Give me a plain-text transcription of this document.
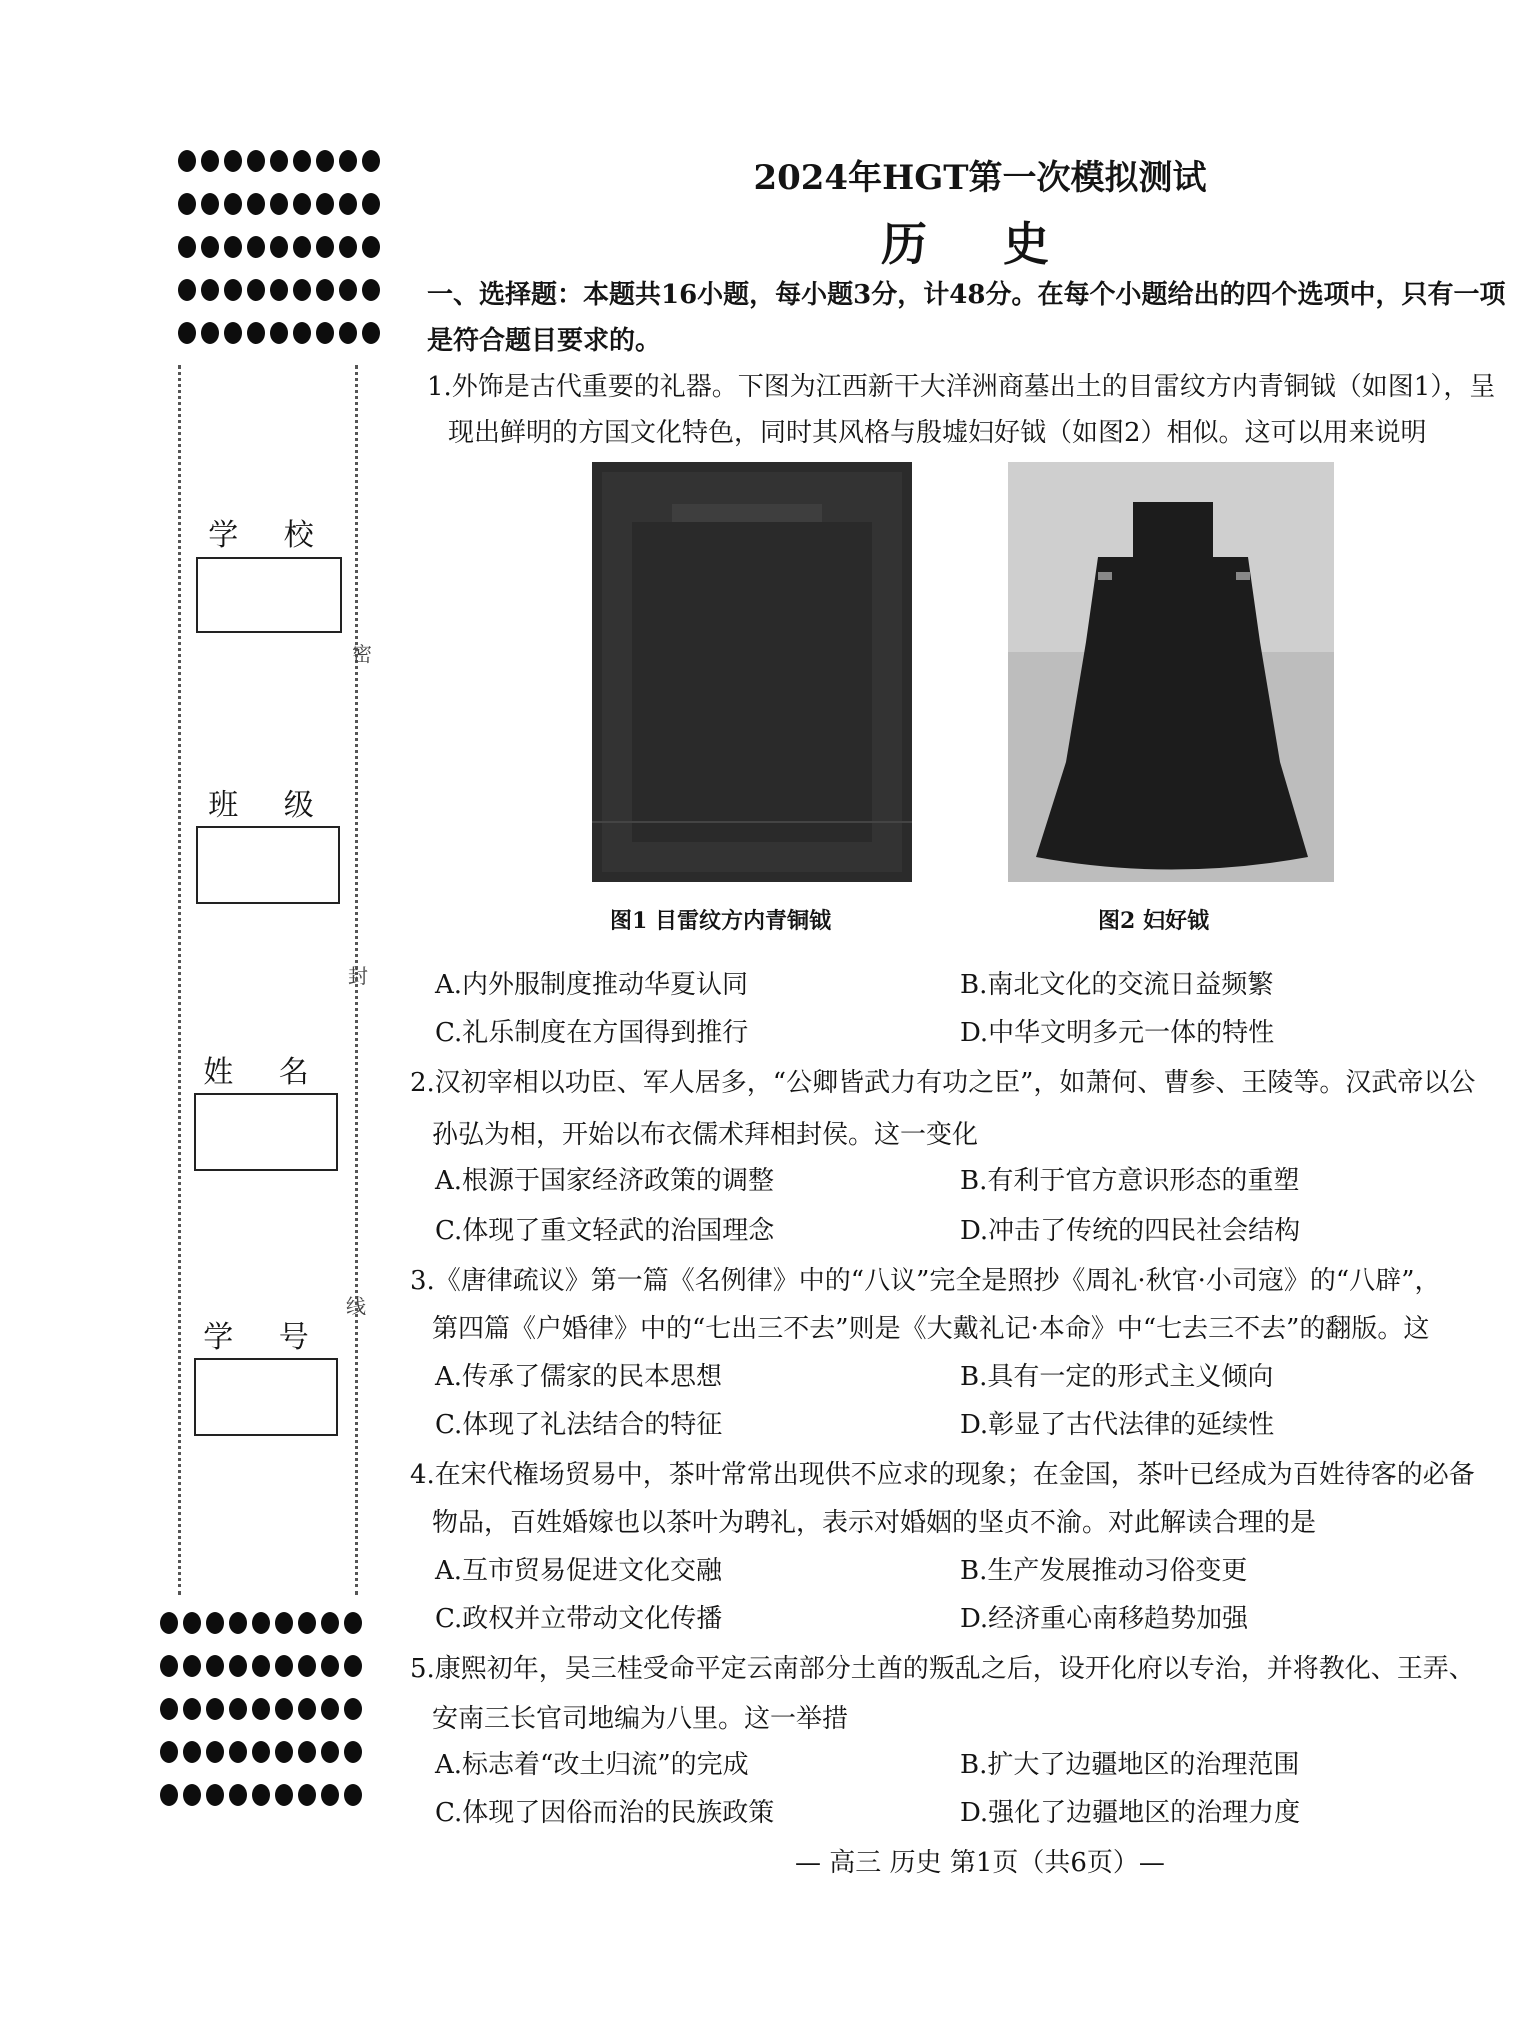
密
封
线
学 校
班 级
姓 名
学 号
2024年HGT第一次模拟测试
历 史
一、选择题：本题共16小题，每小题3分，计48分。在每个小题给出的四个选项中，只有一项
是符合题目要求的。
1.外饰是古代重要的礼器。下图为江西新干大洋洲商墓出土的目雷纹方内青铜钺（如图1），呈
现出鲜明的方国文化特色，同时其风格与殷墟妇好钺（如图2）相似。这可以用来说明
图1 目雷纹方内青铜钺	图2 妇好钺
A.内外服制度推动华夏认同	B.南北文化的交流日益频繁
C.礼乐制度在方国得到推行	D.中华文明多元一体的特性
2.汉初宰相以功臣、军人居多，“公卿皆武力有功之臣”，如萧何、曹参、王陵等。汉武帝以公
孙弘为相，开始以布衣儒术拜相封侯。这一变化
A.根源于国家经济政策的调整	B.有利于官方意识形态的重塑
C.体现了重文轻武的治国理念	D.冲击了传统的四民社会结构
3.《唐律疏议》第一篇《名例律》中的“八议”完全是照抄《周礼·秋官·小司寇》的“八辟”，
第四篇《户婚律》中的“七出三不去”则是《大戴礼记·本命》中“七去三不去”的翻版。这
A.传承了儒家的民本思想	B.具有一定的形式主义倾向
C.体现了礼法结合的特征	D.彰显了古代法律的延续性
4.在宋代権场贸易中，茶叶常常出现供不应求的现象；在金国，茶叶已经成为百姓待客的必备
物品，百姓婚嫁也以茶叶为聘礼，表示对婚姻的坚贞不渝。对此解读合理的是
A.互市贸易促进文化交融	B.生产发展推动习俗变更
C.政权并立带动文化传播	D.经济重心南移趋势加强
5.康熙初年，吴三桂受命平定云南部分土酋的叛乱之后，设开化府以专治，并将教化、王弄、
安南三长官司地编为八里。这一举措
A.标志着“改土归流”的完成	B.扩大了边疆地区的治理范围
C.体现了因俗而治的民族政策	D.强化了边疆地区的治理力度
— 高三 历史 第1页（共6页）—
